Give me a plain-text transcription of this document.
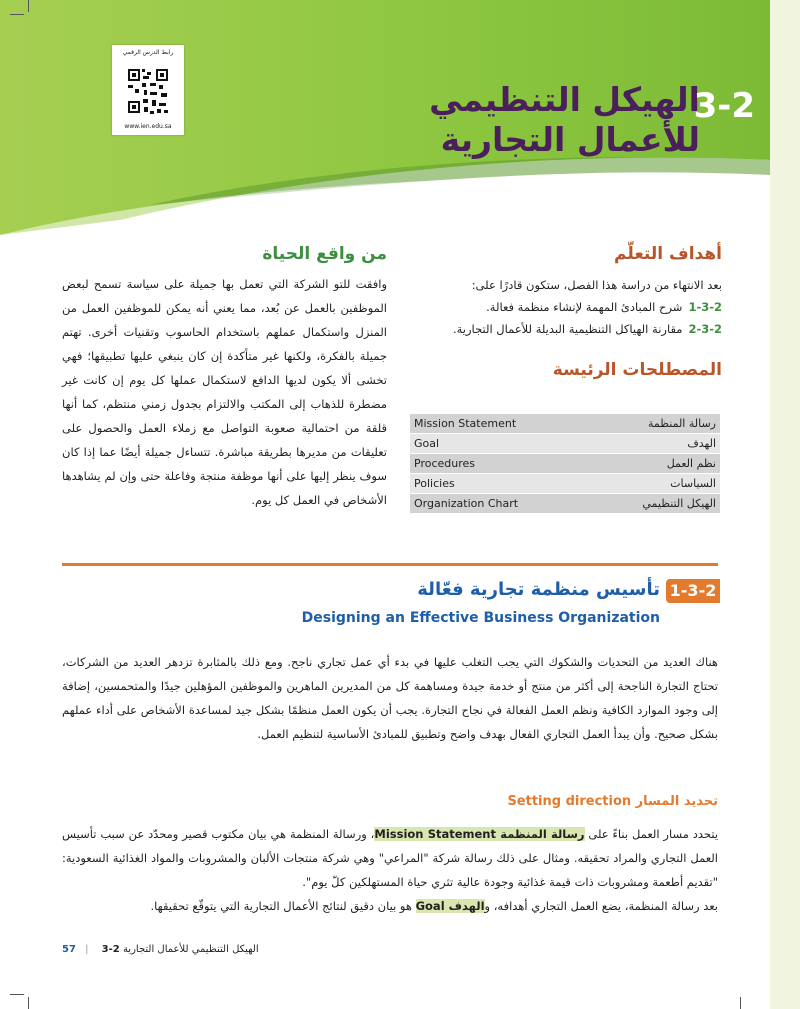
رابط الدرس الرقمي
www.ien.edu.sa
الهيكل التنظيمي للأعمال التجارية
3-2
أهداف التعلّم
بعد الانتهاء من دراسة هذا الفصل، ستكون قادرًا على:
1-3-2شرح المبادئ المهمة لإنشاء منظمة فعالة.
2-3-2مقارنة الهياكل التنظيمية البديلة للأعمال التجارية.
المصطلحات الرئيسة
Mission Statement	رسالة المنظمة
Goal	الهدف
Procedures	نظم العمل
Policies	السياسات
Organization Chart	الهيكل التنظيمي
من واقع الحياة
وافقت للتو الشركة التي تعمل بها جميلة على سياسة تسمح لبعض الموظفين بالعمل عن بُعد، مما يعني أنه يمكن للموظفين العمل من المنزل واستكمال عملهم باستخدام الحاسوب وتقنيات أخرى. تهتم جميلة بالفكرة، ولكنها غير متأكدة إن كان ينبغي عليها تطبيقها؛ فهي تخشى ألا يكون لديها الدافع لاستكمال عملها كل يوم إن كانت غير مضطرة للذهاب إلى المكتب والالتزام بجدول زمني منتظم، كما أنها قلقة من احتمالية صعوبة التواصل مع زملاء العمل والحصول على تعليقات من مديرها بطريقة مباشرة. تتساءل جميلة أيضًا عما إذا كان سوف ينظر إليها على أنها موظفة منتجة وفاعلة حتى وإن لم يشاهدها الأشخاص في العمل كل يوم.
1-3-2
تأسيس منظمة تجارية فعّالة
Designing an Effective Business Organization
هناك العديد من التحديات والشكوك التي يجب التغلب عليها في بدء أي عمل تجاري ناجح. ومع ذلك بالمثابرة تزدهر العديد من الشركات، تحتاج التجارة الناجحة إلى أكثر من منتج أو خدمة جيدة ومساهمة كل من المديرين الماهرين والموظفين المؤهلين جيدًا والمتحمسين، إضافة إلى وجود الموارد الكافية ونظم العمل الفعالة في نجاح التجارة. يجب أن يكون العمل منظمًا بشكل جيد لمساعدة الأشخاص على أداء عملهم بشكل صحيح. وأن يبدأ العمل التجاري الفعال بهدف واضح وتطبيق للمبادئ الأساسية لتنظيم العمل.
تحديد المسار Setting direction
يتحدد مسار العمل بناءً على رسالة المنظمة Mission Statement، ورسالة المنظمة هي بيان مكتوب قصير ومحدّد عن سبب تأسيس العمل التجاري والمراد تحقيقه. ومثال على ذلك رسالة شركة "المراعي" وهي شركة منتجات الألبان والمشروبات والمواد الغذائية السعودية: "تقديم أطعمة ومشروبات ذات قيمة غذائية وجودة عالية تثري حياة المستهلكين كلّ يوم".
بعد رسالة المنظمة، يضع العمل التجاري أهدافه، والهدف Goal هو بيان دقيق لنتائج الأعمال التجارية التي يتوقّع تحقيقها.
57 |	الهيكل التنظيمي للأعمال التجارية 3-2
